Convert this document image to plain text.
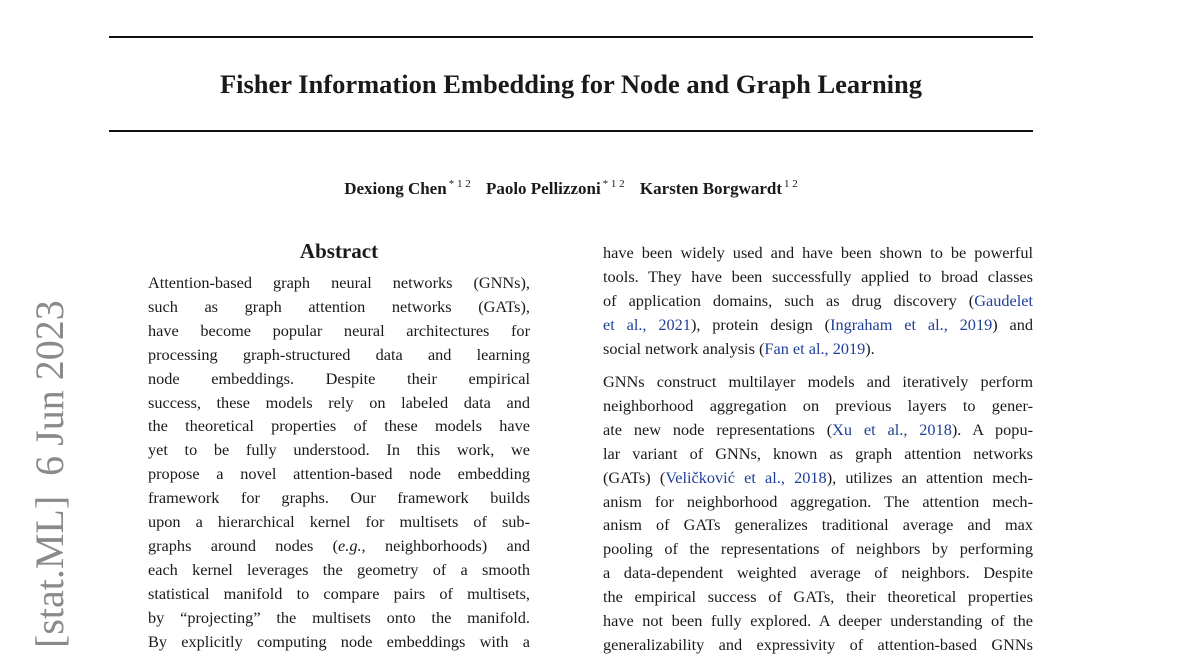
Fisher Information Embedding for Node and Graph Learning
Dexiong Chen $^{* 1 2}$ Paolo Pellizzoni $^{* 1 2}$ Karsten Borgwardt $^{1 2}$
[stat.ML]  6 Jun 2023
Abstract
Attention-based graph neural networks (GNNs),
such as graph attention networks (GATs),
have become popular neural architectures for
processing graph-structured data and learning
node embeddings. Despite their empirical
success, these models rely on labeled data and
the theoretical properties of these models have
yet to be fully understood. In this work, we
propose a novel attention-based node embedding
framework for graphs. Our framework builds
upon a hierarchical kernel for multisets of sub-
graphs around nodes (e.g., neighborhoods) and
each kernel leverages the geometry of a smooth
statistical manifold to compare pairs of multisets,
by “projecting” the multisets onto the manifold.
By explicitly computing node embeddings with a
have been widely used and have been shown to be powerful
tools. They have been successfully applied to broad classes
of application domains, such as drug discovery (Gaudelet
et al., 2021), protein design (Ingraham et al., 2019) and
social network analysis (Fan et al., 2019).
GNNs construct multilayer models and iteratively perform
neighborhood aggregation on previous layers to gener-
ate new node representations (Xu et al., 2018). A popu-
lar variant of GNNs, known as graph attention networks
(GATs) (Veličković et al., 2018), utilizes an attention mech-
anism for neighborhood aggregation. The attention mech-
anism of GATs generalizes traditional average and max
pooling of the representations of neighbors by performing
a data-dependent weighted average of neighbors. Despite
the empirical success of GATs, their theoretical properties
have not been fully explored. A deeper understanding of the
generalizability and expressivity of attention-based GNNs
